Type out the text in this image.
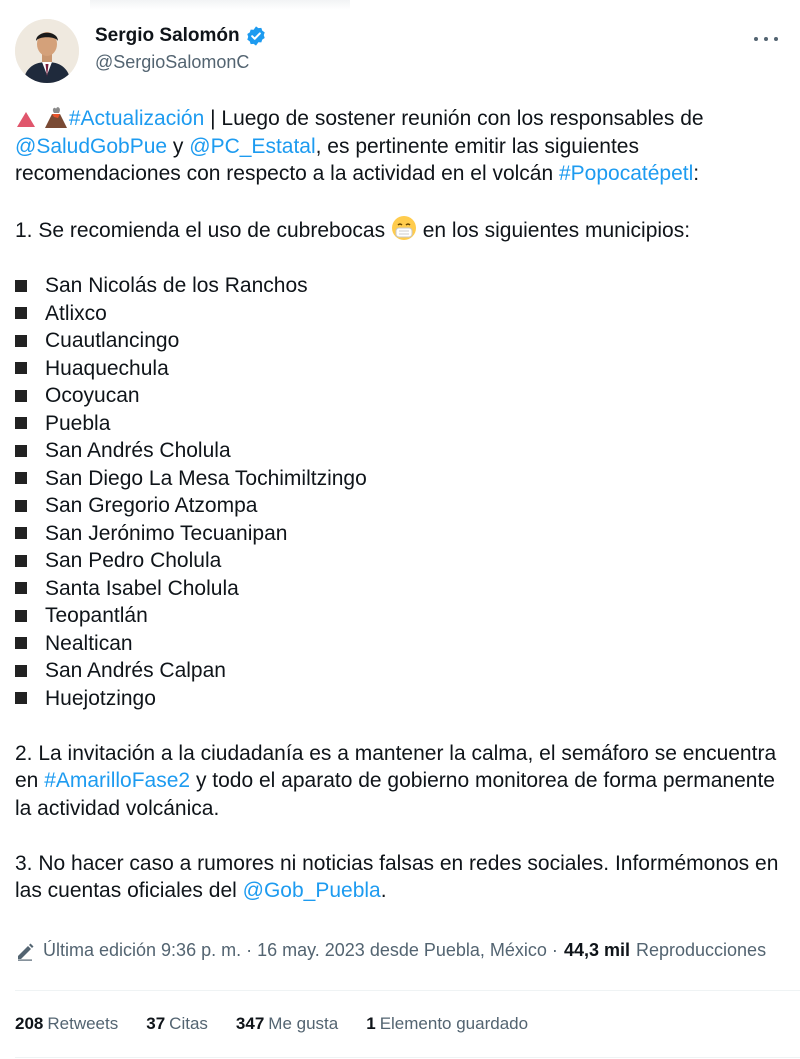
Sergio Salomón
@SergioSalomonC

#Actualización | Luego de sostener reunión con los responsables de @SaludGobPue y @PC_Estatal, es pertinente emitir las siguientes recomendaciones con respecto a la actividad en el volcán #Popocatépetl:

1. Se recomienda el uso de cubrebocas  en los siguientes municipios:

San Nicolás de los Ranchos
Atlixco
Cuautlancingo
Huaquechula
Ocoyucan
Puebla
San Andrés Cholula
San Diego La Mesa Tochimiltzingo
San Gregorio Atzompa
San Jerónimo Tecuanipan
San Pedro Cholula
Santa Isabel Cholula
Teopantlán
Nealtican
San Andrés Calpan
Huejotzingo

2. La invitación a la ciudadanía es a mantener la calma, el semáforo se encuentra en #AmarilloFase2 y todo el aparato de gobierno monitorea de forma permanente la actividad volcánica.

3. No hacer caso a rumores ni noticias falsas en redes sociales. Informémonos en las cuentas oficiales del @Gob_Puebla.

Última edición 9:36 p. m. · 16 may. 2023 desde Puebla, México · 44,3 mil Reproducciones
208 Retweets 37 Citas 347 Me gusta 1 Elemento guardado
